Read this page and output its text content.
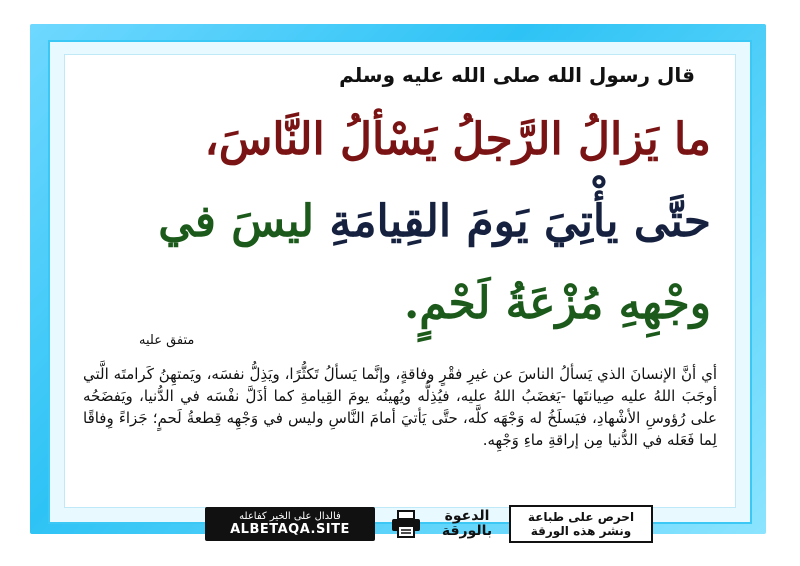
قال رسول الله صلى الله عليه وسلم
ما يَزالُ الرَّجلُ يَسْألُ النَّاسَ،
حتَّى يأْتِيَ يَومَ القِيامَةِ ليسَ في
وجْهِهِ مُزْعَةُ لَحْمٍ.
متفق عليه
أي أنَّ الإنسانَ الذي يَسألُ الناسَ عن غيرِ فقْرٍ وفاقةٍ، وإنَّما يَسألُ تَكثُّرًا، ويَذِلُّ نفسَه، ويَمتهِنُ كَرامتَه الَّتي أوجَبَ اللهُ عليه صِيانتَها -يَغضَبُ اللهُ عليه، فيُذِلُّه ويُهينُه يومَ القِيامةِ كما أذَلَّ نفْسَه في الدُّنيا، ويَفضَحُه على رُؤوسِ الأشْهادِ، فيَسلَخُ له وَجْهَه كلَّه، حتَّى يَأتيَ أمامَ النَّاسِ وليس في وَجْهِه قِطعةُ لَحمٍ؛ جَزاءً وِفاقًا لِما فَعَله في الدُّنيا مِن إراقةِ ماءِ وَجْهِه.
فالدال على الخير كفاعله
ALBETAQA.SITE
الدعوة
بالورقة
احرص على طباعة
ونشر هذه الورقة
